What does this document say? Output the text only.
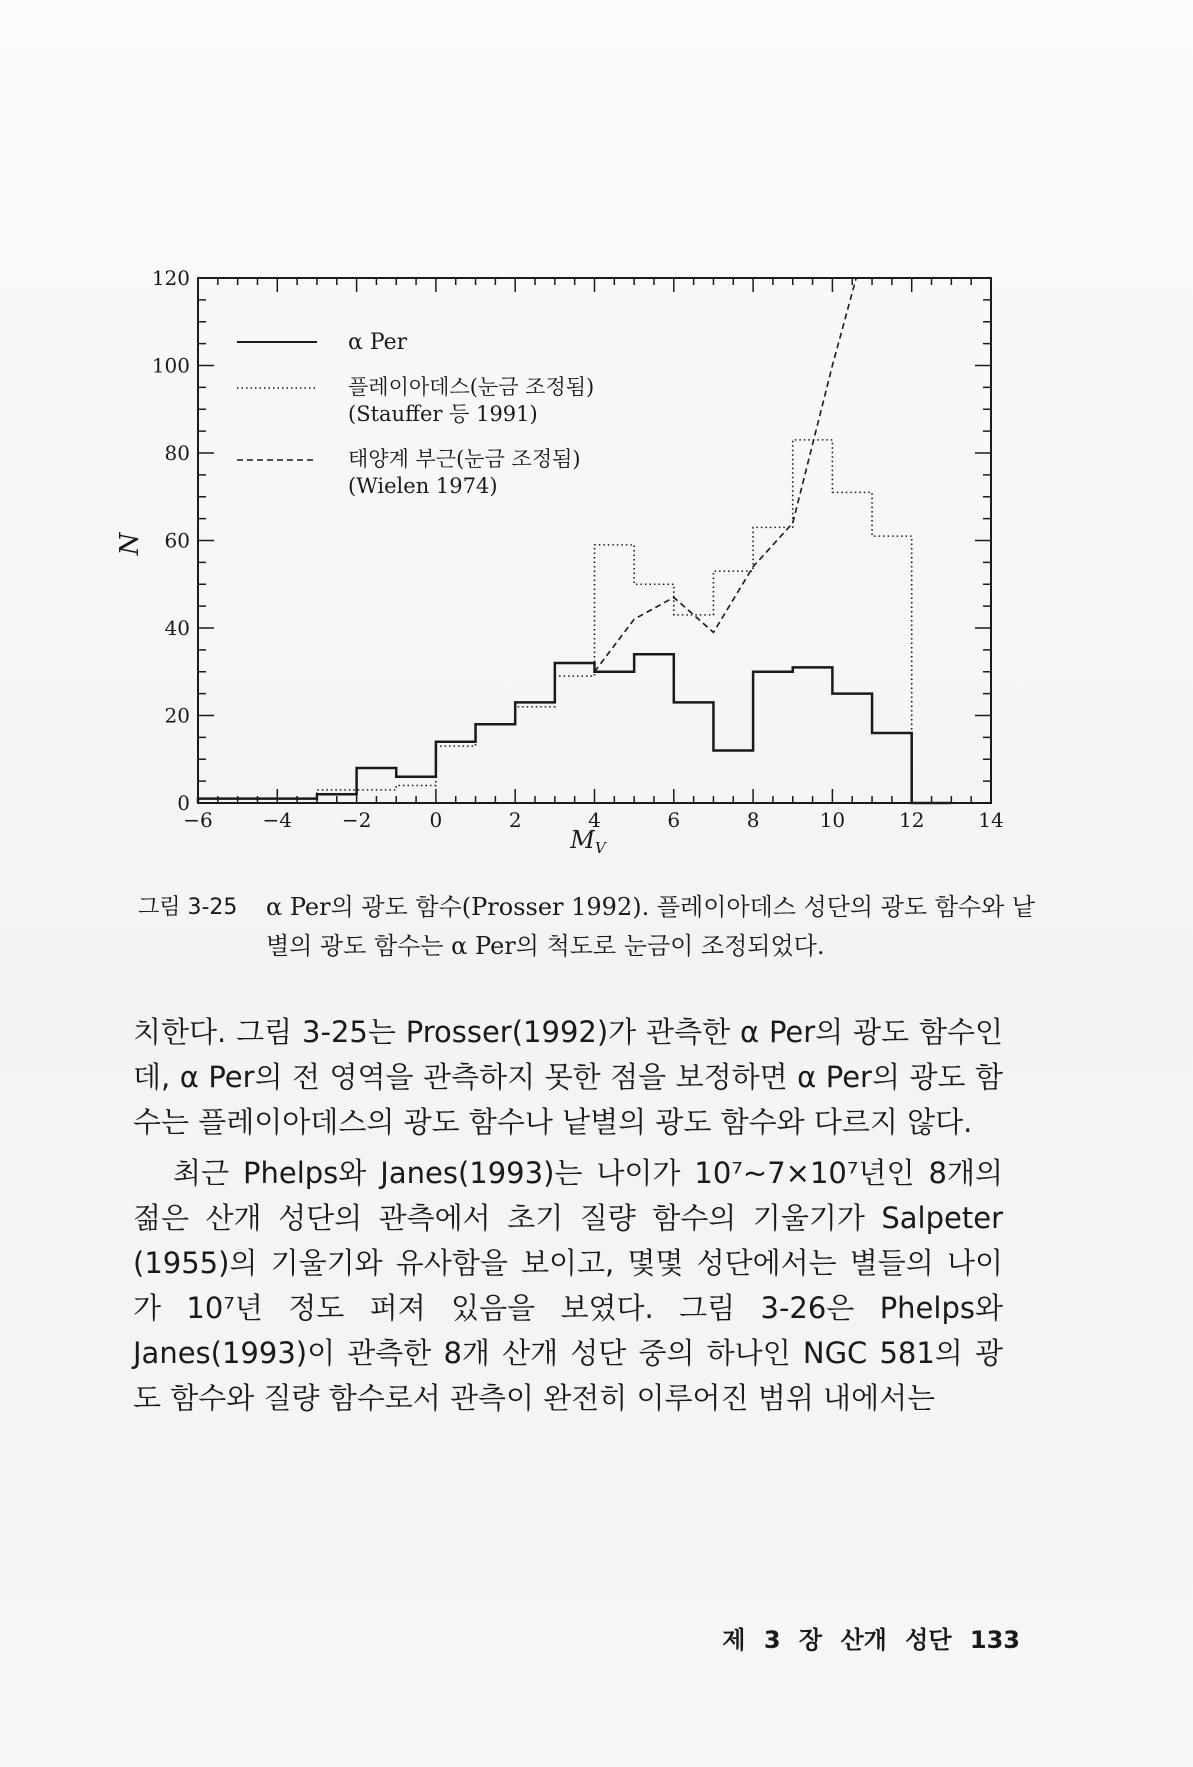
0
20
40
60
80
100
120
−6 −4 −2	0	2	4	6	8	10	12	14
N
$M_V$
α Per
플레이아데스(눈금 조정됨)
(Stauffer 등 1991)
태양계 부근(눈금 조정됨)
(Wielen 1974)
그림 3-25 α Per의 광도 함수(Prosser 1992). 플레이아데스 성단의 광도 함수와 낱별의 광도 함수는 α Per의 척도로 눈금이 조정되었다.

치한다. 그림 3-25는 Prosser(1992)가 관측한 α Per의 광도 함수인데, α Per의 전 영역을 관측하지 못한 점을 보정하면 α Per의 광도 함수는 플레이아데스의 광도 함수나 낱별의 광도 함수와 다르지 않다.

최근 Phelps와 Janes(1993)는 나이가 10⁷~7×10⁷년인 8개의 젊은 산개 성단의 관측에서 초기 질량 함수의 기울기가 Salpeter (1955)의 기울기와 유사함을 보이고, 몇몇 성단에서는 별들의 나이가 10⁷년 정도 퍼져 있음을 보였다. 그림 3-26은 Phelps와 Janes(1993)이 관측한 8개 산개 성단 중의 하나인 NGC 581의 광도 함수와 질량 함수로서 관측이 완전히 이루어진 범위 내에서는

제 3 장 산개 성단 133
